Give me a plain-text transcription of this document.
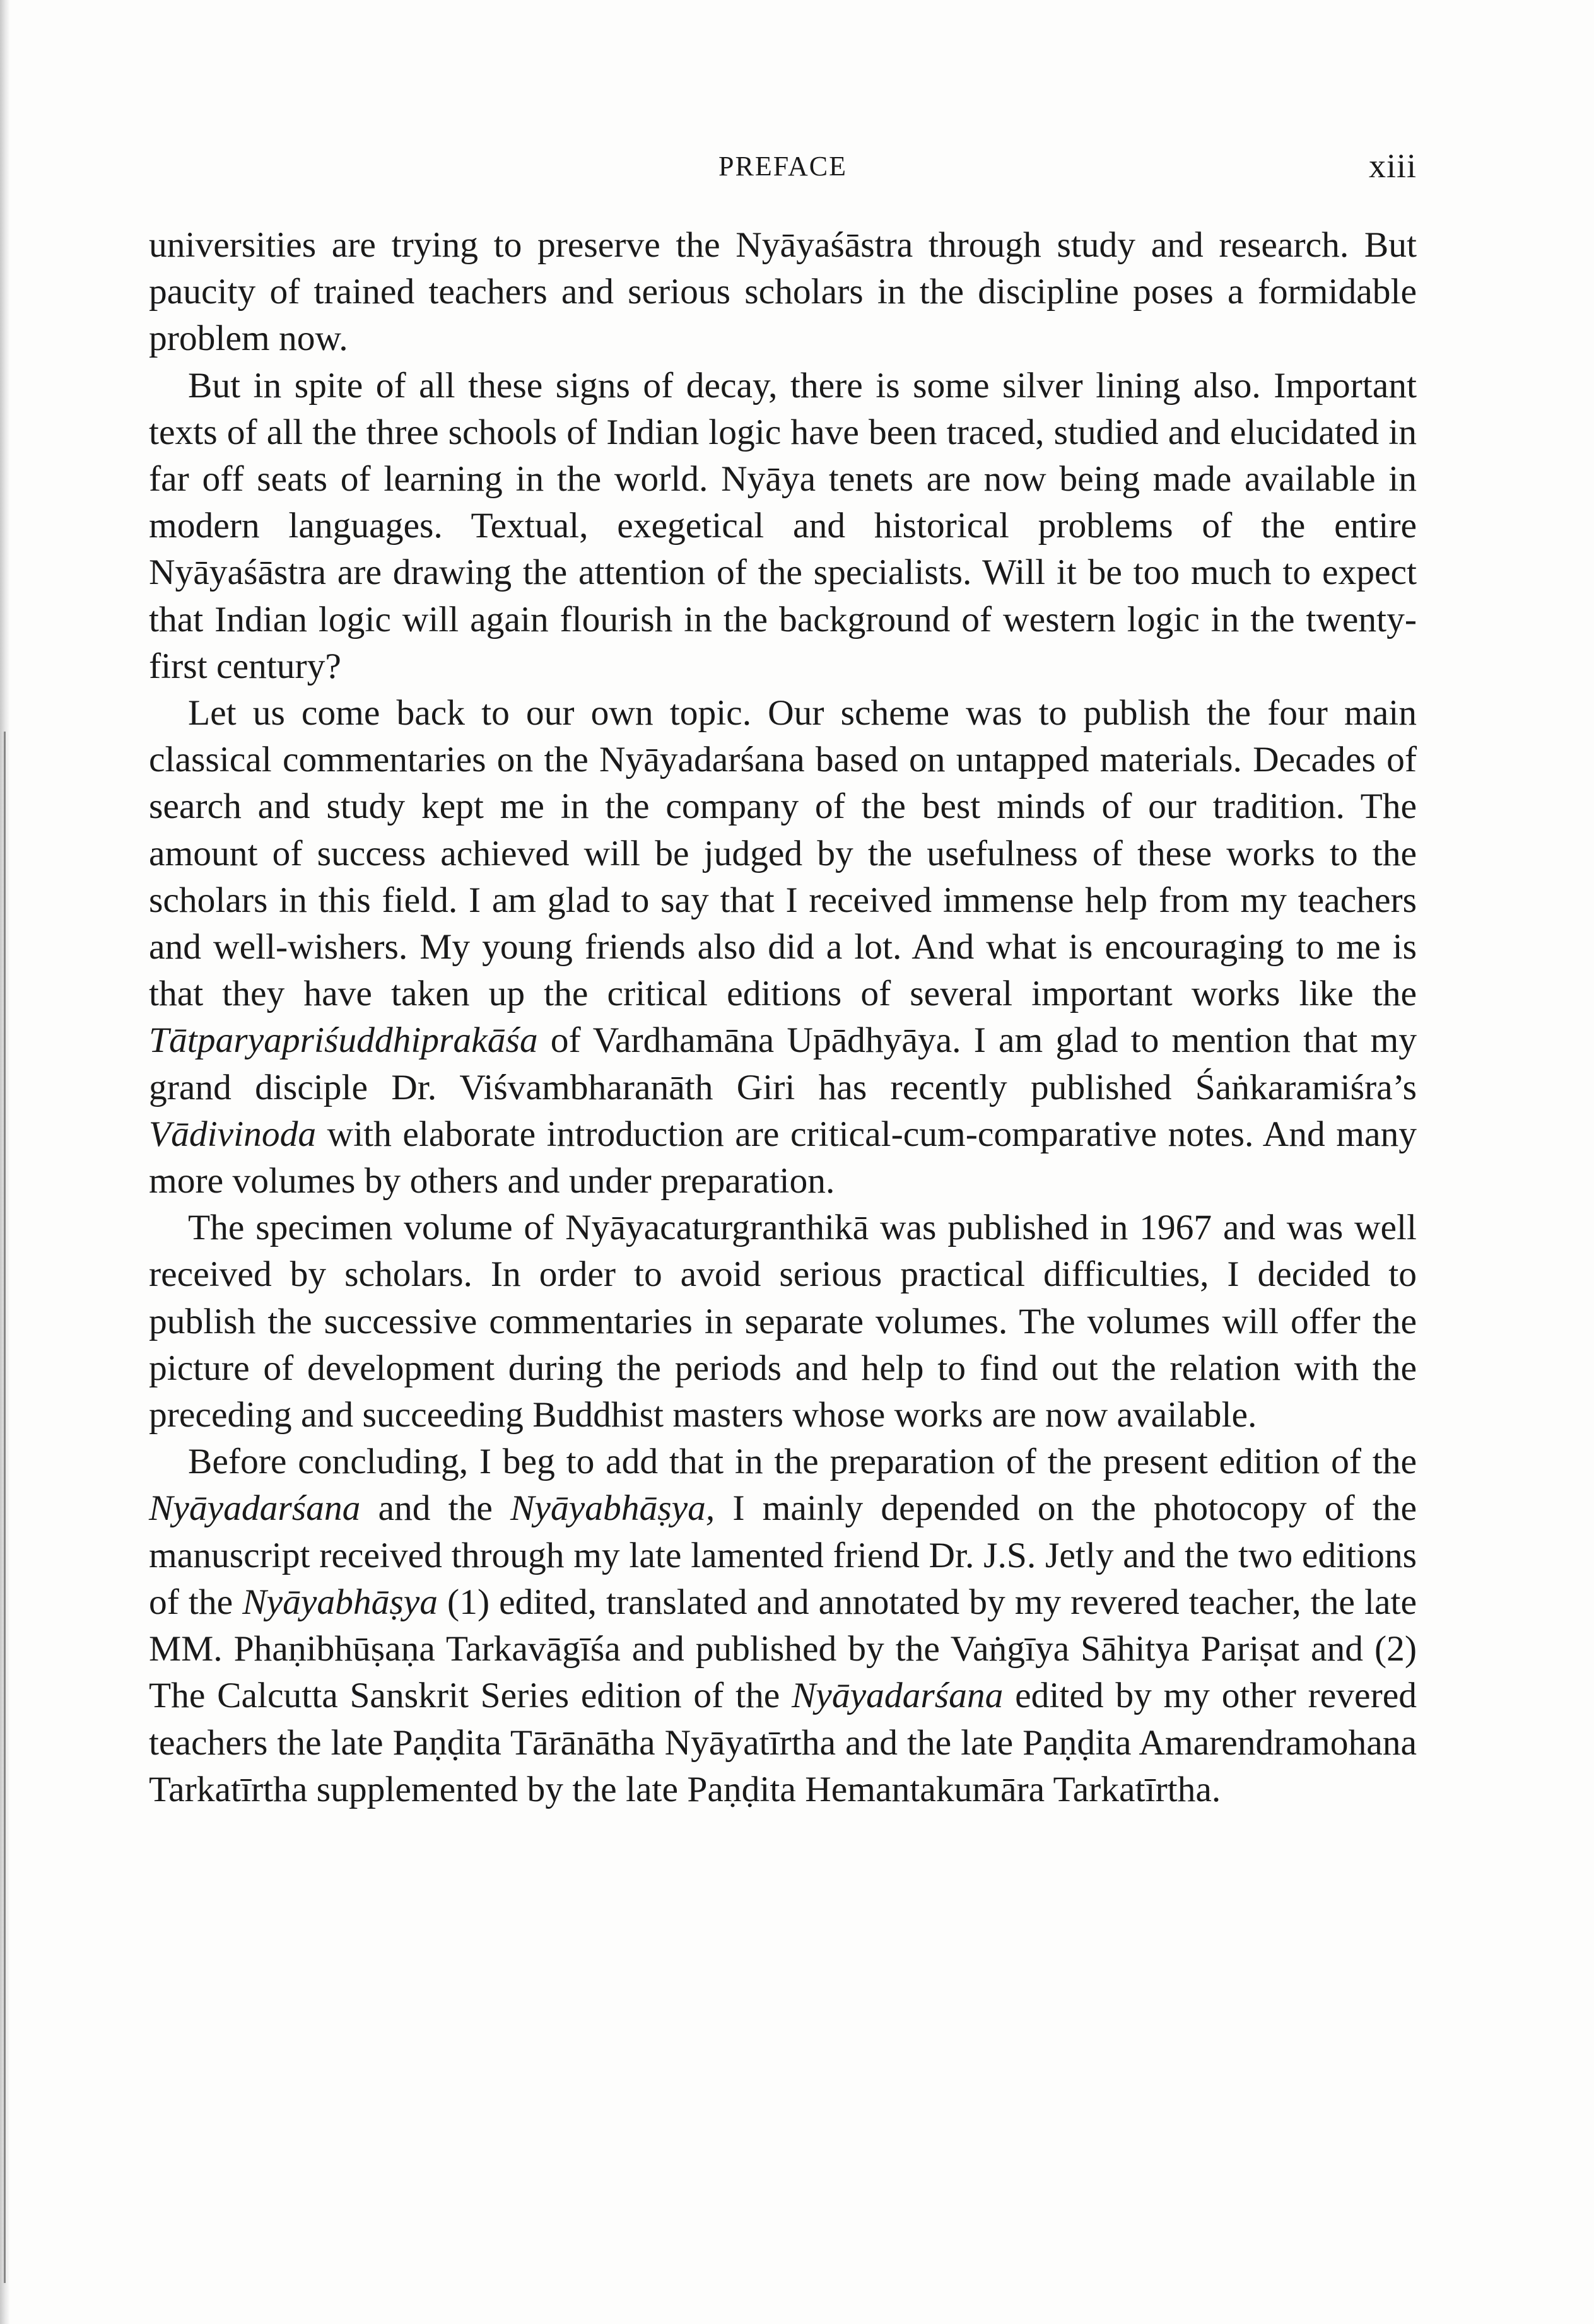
PREFACE	xiii

universities are trying to preserve the Nyāyaśāstra through study and research. But paucity of trained teachers and serious scholars in the discipline poses a formidable problem now.

But in spite of all these signs of decay, there is some silver lining also. Important texts of all the three schools of Indian logic have been traced, studied and elucidated in far off seats of learning in the world. Nyāya tenets are now being made available in modern languages. Textual, exegetical and historical problems of the entire Nyāyaśāstra are drawing the attention of the specialists. Will it be too much to expect that Indian logic will again flourish in the background of western logic in the twenty-first century?

Let us come back to our own topic. Our scheme was to publish the four main classical commentaries on the Nyāyadarśana based on untapped materials. Decades of search and study kept me in the company of the best minds of our tradition. The amount of success achieved will be judged by the usefulness of these works to the scholars in this field. I am glad to say that I received immense help from my teachers and well-wishers. My young friends also did a lot. And what is encouraging to me is that they have taken up the critical editions of several important works like the Tātparyapriśuddhiprakāśa of Vardhamāna Upādhyāya. I am glad to mention that my grand disciple Dr. Viśvambharanāth Giri has recently published Śaṅkaramiśra’s Vādivinoda with elaborate introduction are critical-cum-comparative notes. And many more volumes by others and under preparation.

The specimen volume of Nyāyacaturgranthikā was published in 1967 and was well received by scholars. In order to avoid serious practical difficulties, I decided to publish the successive commentaries in separate volumes. The volumes will offer the picture of development during the periods and help to find out the relation with the preceding and succeeding Buddhist masters whose works are now available.

Before concluding, I beg to add that in the preparation of the present edition of the Nyāyadarśana and the Nyāyabhāṣya, I mainly depended on the photocopy of the manuscript received through my late lamented friend Dr. J.S. Jetly and the two editions of the Nyāyabhāṣya (1) edited, translated and annotated by my revered teacher, the late MM. Phaṇibhūṣaṇa Tarkavāgīśa and published by the Vaṅgīya Sāhitya Pariṣat and (2) The Calcutta Sanskrit Series edition of the Nyāyadarśana edited by my other revered teachers the late Paṇḍita Tārānātha Nyāyatīrtha and the late Paṇḍita Amarendramohana Tarkatīrtha supplemented by the late Paṇḍita Hemantakumāra Tarkatīrtha.
